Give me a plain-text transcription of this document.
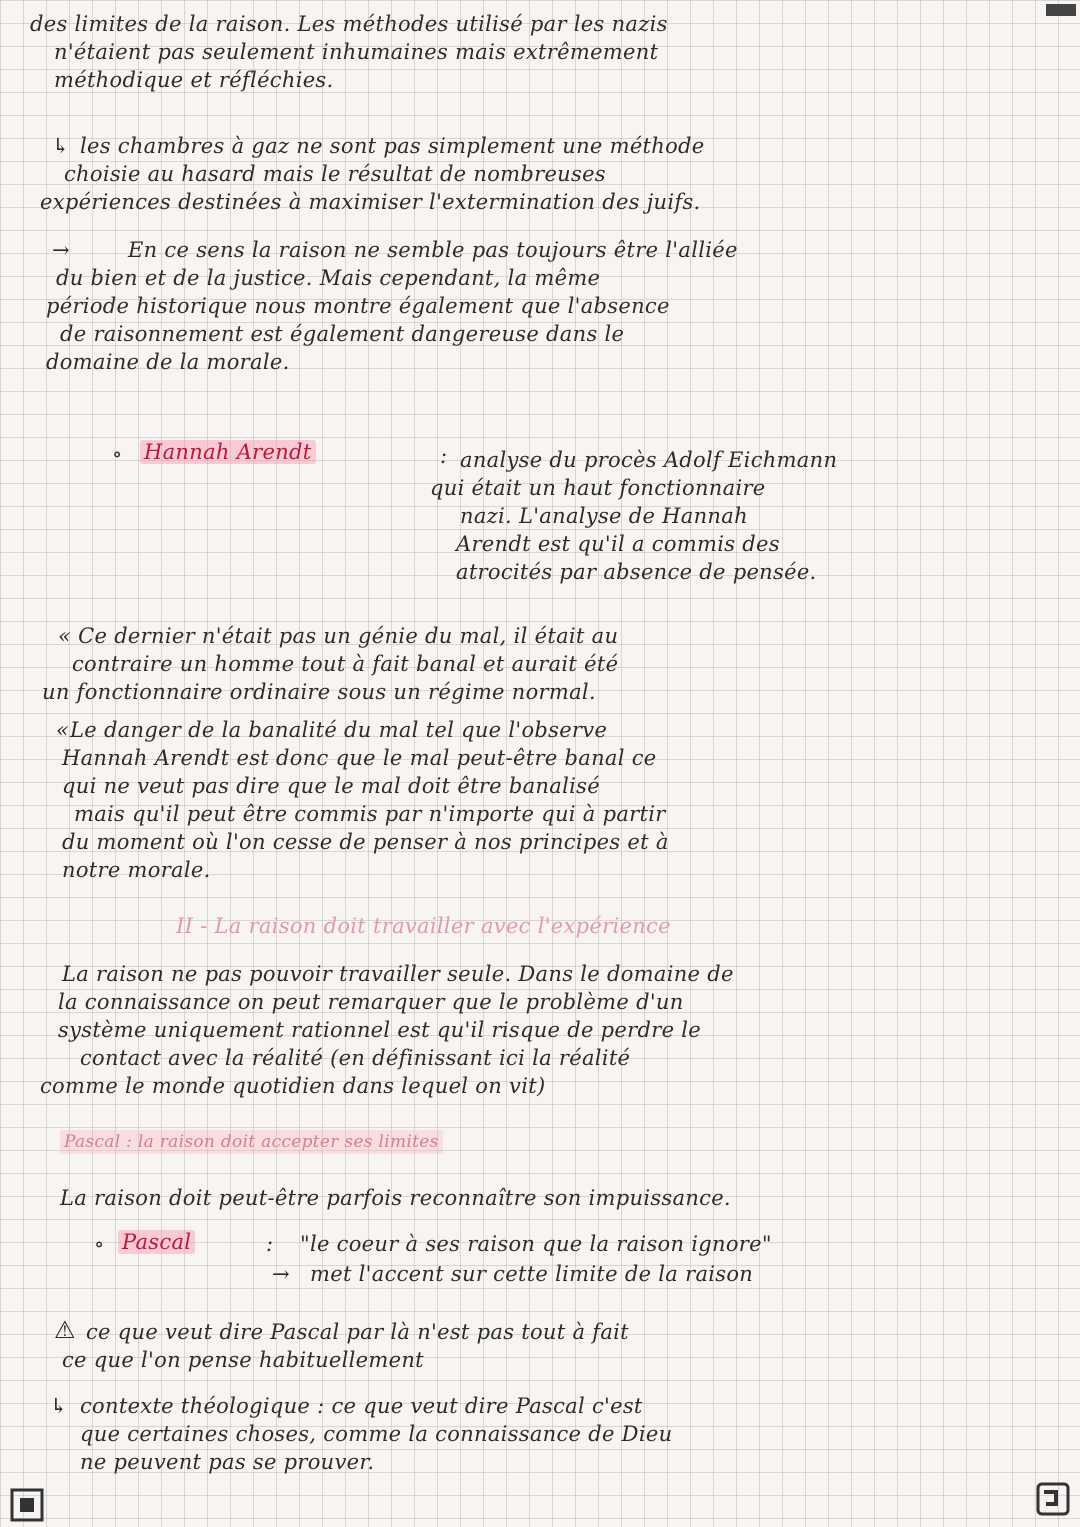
des limites de la raison. Les méthodes utilisé par les nazis
n'étaient pas seulement inhumaines mais extrêmement
méthodique et réfléchies.
↳ les chambres à gaz ne sont pas simplement une méthode
choisie au hasard mais le résultat de nombreuses
expériences destinées à maximiser l'extermination des juifs.
→	En ce sens la raison ne semble pas toujours être l'alliée
du bien et de la justice. Mais cependant, la même
période historique nous montre également que l'absence
de raisonnement est également dangereuse dans le
domaine de la morale.
∘ Hannah Arendt	: analyse du procès Adolf Eichmann
qui était un haut fonctionnaire
nazi. L'analyse de Hannah
Arendt est qu'il a commis des
atrocités par absence de pensée.
« Ce dernier n'était pas un génie du mal, il était au
contraire un homme tout à fait banal et aurait été
un fonctionnaire ordinaire sous un régime normal.
« Le danger de la banalité du mal tel que l'observe
Hannah Arendt est donc que le mal peut-être banal ce
qui ne veut pas dire que le mal doit être banalisé
mais qu'il peut être commis par n'importe qui à partir
du moment où l'on cesse de penser à nos principes et à
notre morale.
II - La raison doit travailler avec l'expérience
La raison ne pas pouvoir travailler seule. Dans le domaine de
la connaissance on peut remarquer que le problème d'un
système uniquement rationnel est qu'il risque de perdre le
contact avec la réalité (en définissant ici la réalité
comme le monde quotidien dans lequel on vit)
Pascal : la raison doit accepter ses limites
La raison doit peut-être parfois reconnaître son impuissance.
∘ Pascal	: "le coeur à ses raison que la raison ignore"
→ met l'accent sur cette limite de la raison
⚠ ce que veut dire Pascal par là n'est pas tout à fait
ce que l'on pense habituellement
↳ contexte théologique : ce que veut dire Pascal c'est
que certaines choses, comme la connaissance de Dieu
ne peuvent pas se prouver.
